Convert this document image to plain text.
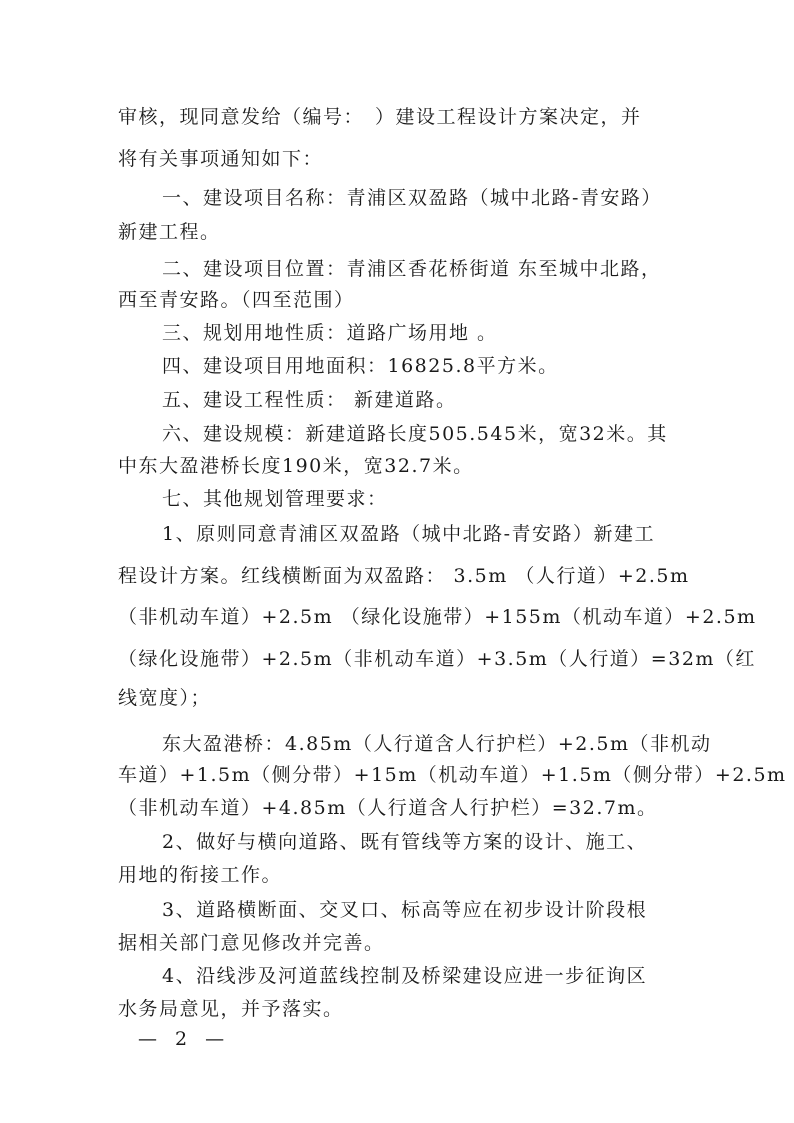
审核，现同意发给（编号：　）建设工程设计方案决定，并
将有关事项通知如下：
一、建设项目名称：青浦区双盈路（城中北路-青安路）
新建工程。
二、建设项目位置：青浦区香花桥街道 东至城中北路，
西至青安路。（四至范围）
三、规划用地性质：道路广场用地 。
四、建设项目用地面积：16825.8平方米。
五、建设工程性质： 新建道路。
六、建设规模：新建道路长度505.545米，宽32米。其
中东大盈港桥长度190米，宽32.7米。
七、其他规划管理要求：
1、原则同意青浦区双盈路（城中北路-青安路）新建工
程设计方案。红线横断面为双盈路： 3.5m （人行道）+2.5m
（非机动车道）+2.5m （绿化设施带）+155m（机动车道）+2.5m
（绿化设施带）+2.5m（非机动车道）+3.5m（人行道）=32m（红
线宽度）；
东大盈港桥：4.85m（人行道含人行护栏）+2.5m（非机动
车道）+1.5m（侧分带）+15m（机动车道）+1.5m（侧分带）+2.5m
（非机动车道）+4.85m（人行道含人行护栏）=32.7m。
2、做好与横向道路、既有管线等方案的设计、施工、
用地的衔接工作。
3、道路横断面、交叉口、标高等应在初步设计阶段根
据相关部门意见修改并完善。
4、沿线涉及河道蓝线控制及桥梁建设应进一步征询区
水务局意见，并予落实。
— 2 —
